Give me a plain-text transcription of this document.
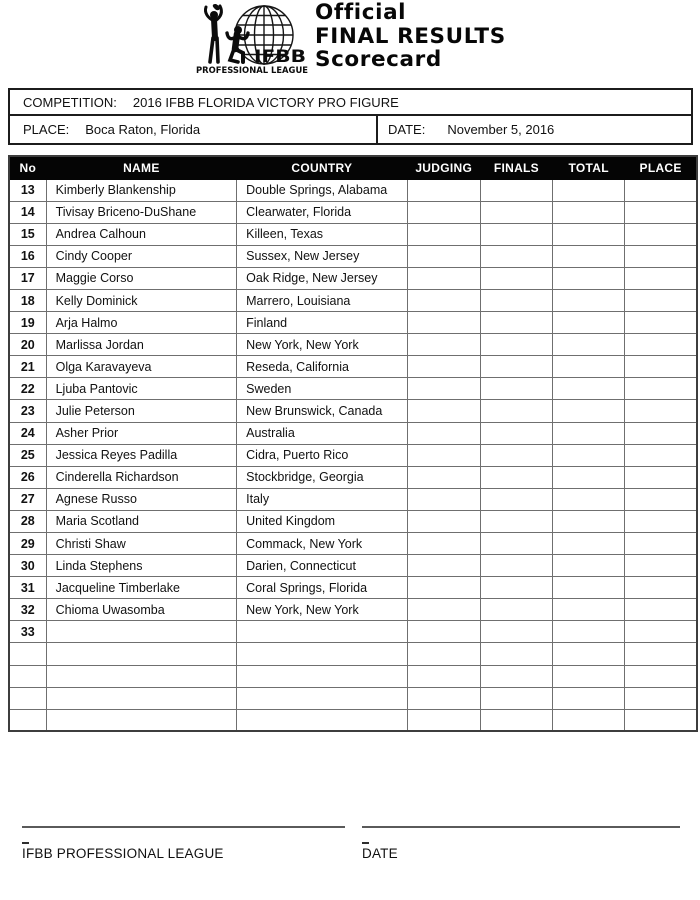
IFBB
PROFESSIONAL LEAGUE
Official
FINAL RESULTS
Scorecard
COMPETITION: 2016 IFBB FLORIDA VICTORY PRO FIGURE
PLACE: Boca Raton, Florida	DATE: November 5, 2016
No	NAME	COUNTRY	JUDGING	FINALS	TOTAL	PLACE
13	Kimberly Blankenship	Double Springs, Alabama				
14	Tivisay Briceno-DuShane	Clearwater, Florida				
15	Andrea Calhoun	Killeen, Texas				
16	Cindy Cooper	Sussex, New Jersey				
17	Maggie Corso	Oak Ridge, New Jersey				
18	Kelly Dominick	Marrero, Louisiana				
19	Arja Halmo	Finland				
20	Marlissa Jordan	New York, New York				
21	Olga Karavayeva	Reseda, California				
22	Ljuba Pantovic	Sweden				
23	Julie Peterson	New Brunswick, Canada				
24	Asher Prior	Australia				
25	Jessica Reyes Padilla	Cidra, Puerto Rico				
26	Cinderella Richardson	Stockbridge, Georgia				
27	Agnese Russo	Italy				
28	Maria Scotland	United Kingdom				
29	Christi Shaw	Commack, New York				
30	Linda Stephens	Darien, Connecticut				
31	Jacqueline Timberlake	Coral Springs, Florida				
32	Chioma Uwasomba	New York, New York				
33						

IFBB PROFESSIONAL LEAGUE	DATE
